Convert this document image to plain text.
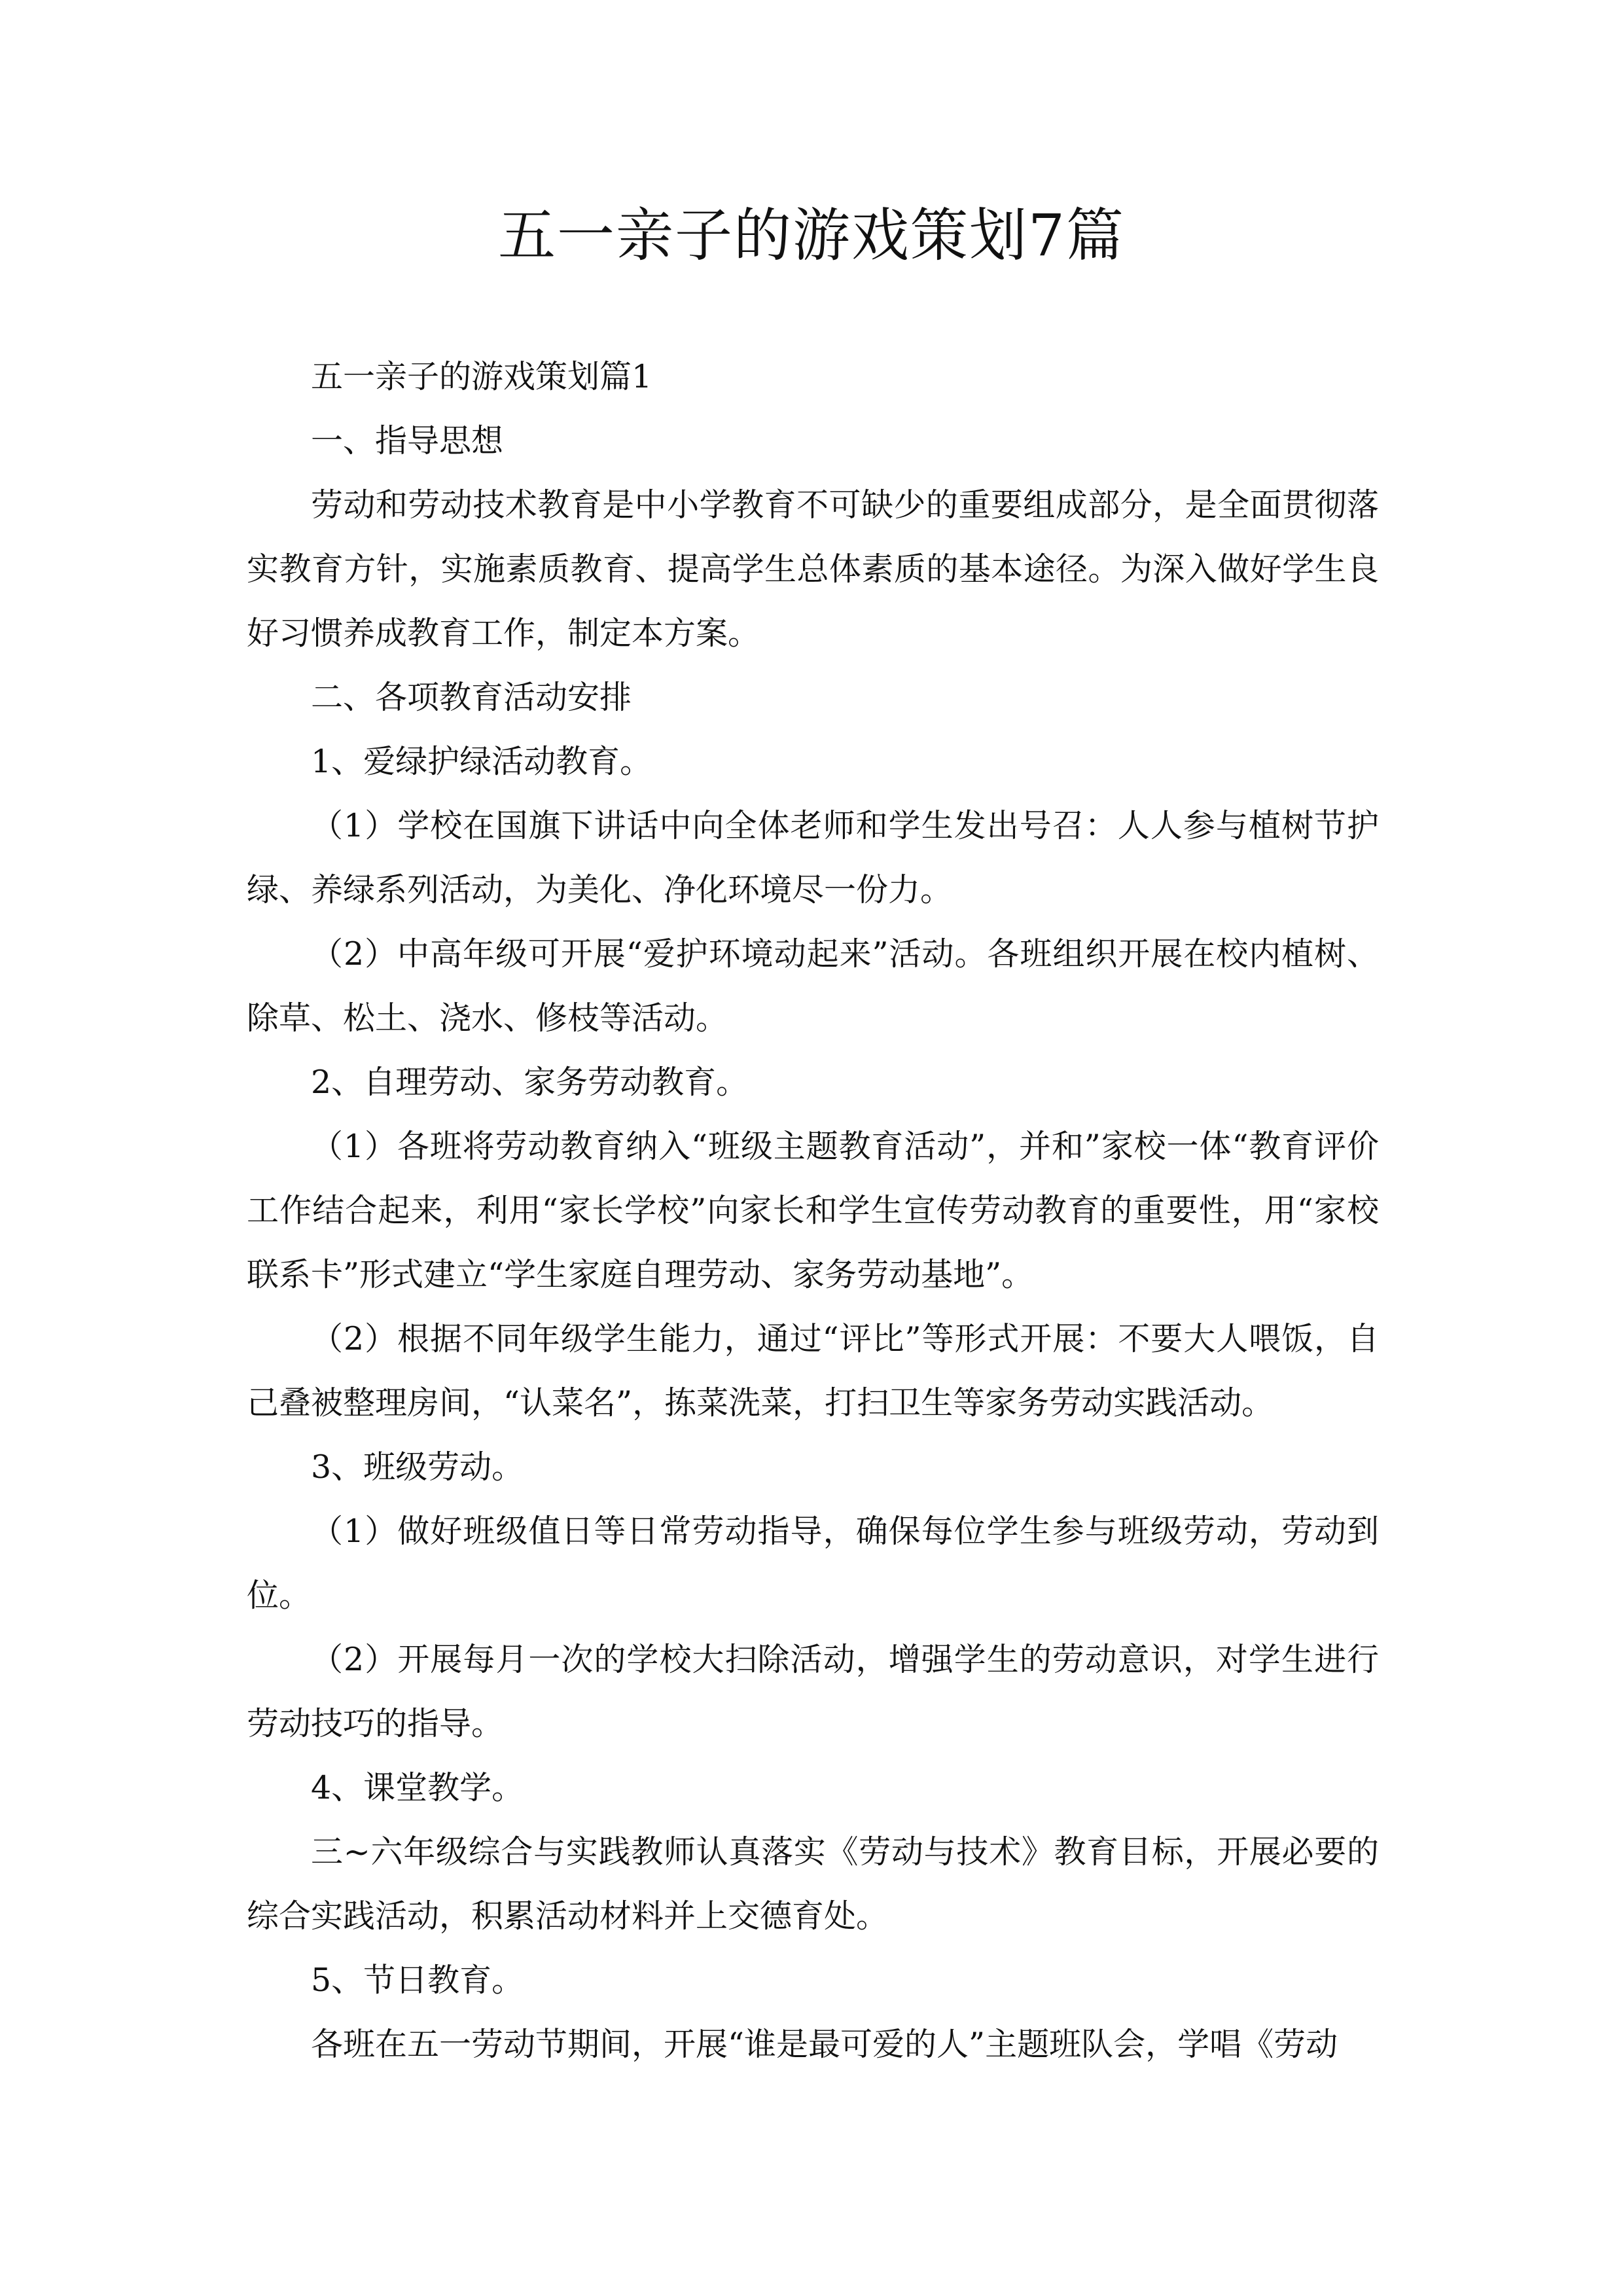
五一亲子的游戏策划7篇

五一亲子的游戏策划篇1

一、指导思想

劳动和劳动技术教育是中小学教育不可缺少的重要组成部分，是全面贯彻落实教育方针，实施素质教育、提高学生总体素质的基本途径。为深入做好学生良好习惯养成教育工作，制定本方案。

二、各项教育活动安排

1、爱绿护绿活动教育。

（1）学校在国旗下讲话中向全体老师和学生发出号召：人人参与植树节护绿、养绿系列活动，为美化、净化环境尽一份力。

（2）中高年级可开展“爱护环境动起来”活动。各班组织开展在校内植树、除草、松土、浇水、修枝等活动。

2、自理劳动、家务劳动教育。

（1）各班将劳动教育纳入“班级主题教育活动”，并和”家校一体“教育评价工作结合起来，利用“家长学校”向家长和学生宣传劳动教育的重要性，用“家校联系卡”形式建立“学生家庭自理劳动、家务劳动基地”。

（2）根据不同年级学生能力，通过“评比”等形式开展：不要大人喂饭，自己叠被整理房间，“认菜名”，拣菜洗菜，打扫卫生等家务劳动实践活动。

3、班级劳动。

（1）做好班级值日等日常劳动指导，确保每位学生参与班级劳动，劳动到位。

（2）开展每月一次的学校大扫除活动，增强学生的劳动意识，对学生进行劳动技巧的指导。

4、课堂教学。

三~六年级综合与实践教师认真落实《劳动与技术》教育目标，开展必要的综合实践活动，积累活动材料并上交德育处。

5、节日教育。

各班在五一劳动节期间，开展“谁是最可爱的人”主题班队会，学唱《劳动
